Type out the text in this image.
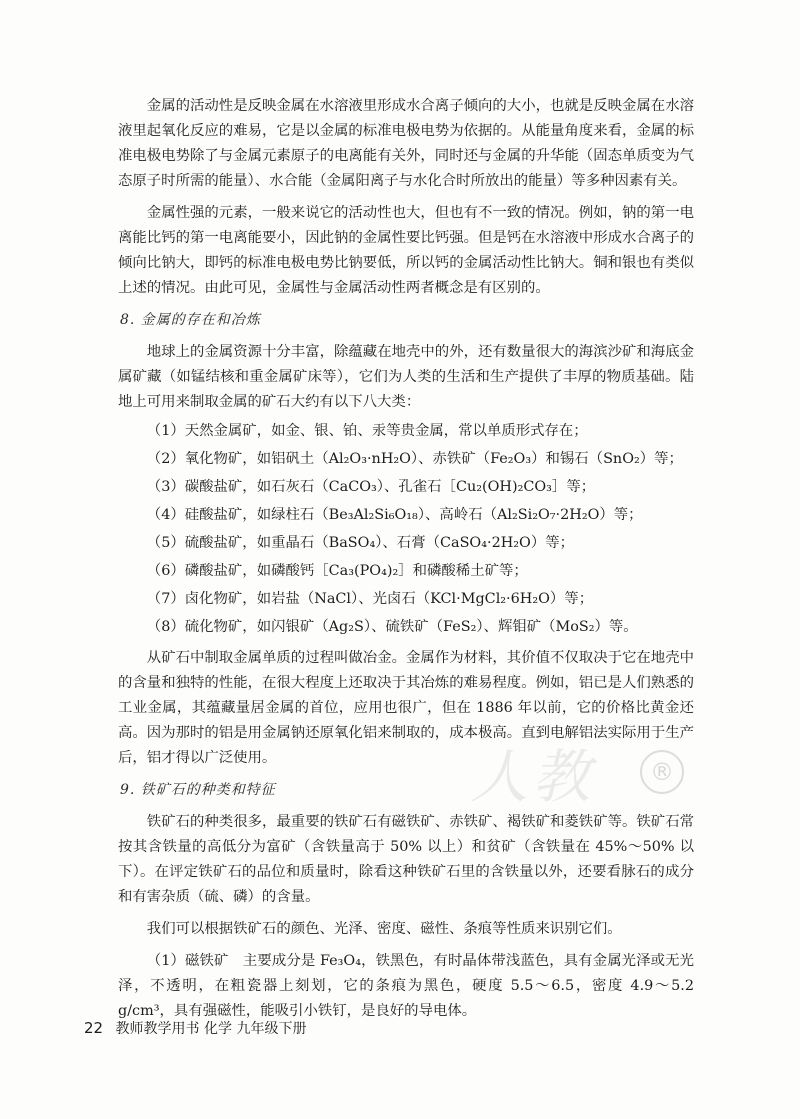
金属的活动性是反映金属在水溶液里形成水合离子倾向的大小，也就是反映金属在水溶液里起氧化反应的难易，它是以金属的标准电极电势为依据的。从能量角度来看，金属的标准电极电势除了与金属元素原子的电离能有关外，同时还与金属的升华能（固态单质变为气态原子时所需的能量）、水合能（金属阳离子与水化合时所放出的能量）等多种因素有关。

金属性强的元素，一般来说它的活动性也大，但也有不一致的情况。例如，钠的第一电离能比钙的第一电离能要小，因此钠的金属性要比钙强。但是钙在水溶液中形成水合离子的倾向比钠大，即钙的标准电极电势比钠要低，所以钙的金属活动性比钠大。铜和银也有类似上述的情况。由此可见，金属性与金属活动性两者概念是有区别的。

8. 金属的存在和冶炼

地球上的金属资源十分丰富，除蕴藏在地壳中的外，还有数量很大的海滨沙矿和海底金属矿藏（如锰结核和重金属矿床等），它们为人类的生活和生产提供了丰厚的物质基础。陆地上可用来制取金属的矿石大约有以下八大类：

（1）天然金属矿，如金、银、铂、汞等贵金属，常以单质形式存在；
（2）氧化物矿，如铝矾土（Al₂O₃·nH₂O）、赤铁矿（Fe₂O₃）和锡石（SnO₂）等；
（3）碳酸盐矿，如石灰石（CaCO₃）、孔雀石［Cu₂(OH)₂CO₃］等；
（4）硅酸盐矿，如绿柱石（Be₃Al₂Si₆O₁₈）、高岭石（Al₂Si₂O₇·2H₂O）等；
（5）硫酸盐矿，如重晶石（BaSO₄）、石膏（CaSO₄·2H₂O）等；
（6）磷酸盐矿，如磷酸钙［Ca₃(PO₄)₂］和磷酸稀土矿等；
（7）卤化物矿，如岩盐（NaCl）、光卤石（KCl·MgCl₂·6H₂O）等；
（8）硫化物矿，如闪银矿（Ag₂S）、硫铁矿（FeS₂）、辉钼矿（MoS₂）等。

从矿石中制取金属单质的过程叫做冶金。金属作为材料，其价值不仅取决于它在地壳中的含量和独特的性能，在很大程度上还取决于其冶炼的难易程度。例如，铝已是人们熟悉的工业金属，其蕴藏量居金属的首位，应用也很广，但在 1886 年以前，它的价格比黄金还高。因为那时的铝是用金属钠还原氧化铝来制取的，成本极高。直到电解铝法实际用于生产后，铝才得以广泛使用。

9. 铁矿石的种类和特征

铁矿石的种类很多，最重要的铁矿石有磁铁矿、赤铁矿、褐铁矿和菱铁矿等。铁矿石常按其含铁量的高低分为富矿（含铁量高于 50% 以上）和贫矿（含铁量在 45%～50% 以下）。在评定铁矿石的品位和质量时，除看这种铁矿石里的含铁量以外，还要看脉石的成分和有害杂质（硫、磷）的含量。

我们可以根据铁矿石的颜色、光泽、密度、磁性、条痕等性质来识别它们。

（1）磁铁矿　主要成分是 Fe₃O₄，铁黑色，有时晶体带浅蓝色，具有金属光泽或无光泽，不透明，在粗瓷器上刻划，它的条痕为黑色，硬度 5.5～6.5，密度 4.9～5.2 g/cm³，具有强磁性，能吸引小铁钉，是良好的导电体。

人教	®
22 教师教学用书 化学 九年级下册
